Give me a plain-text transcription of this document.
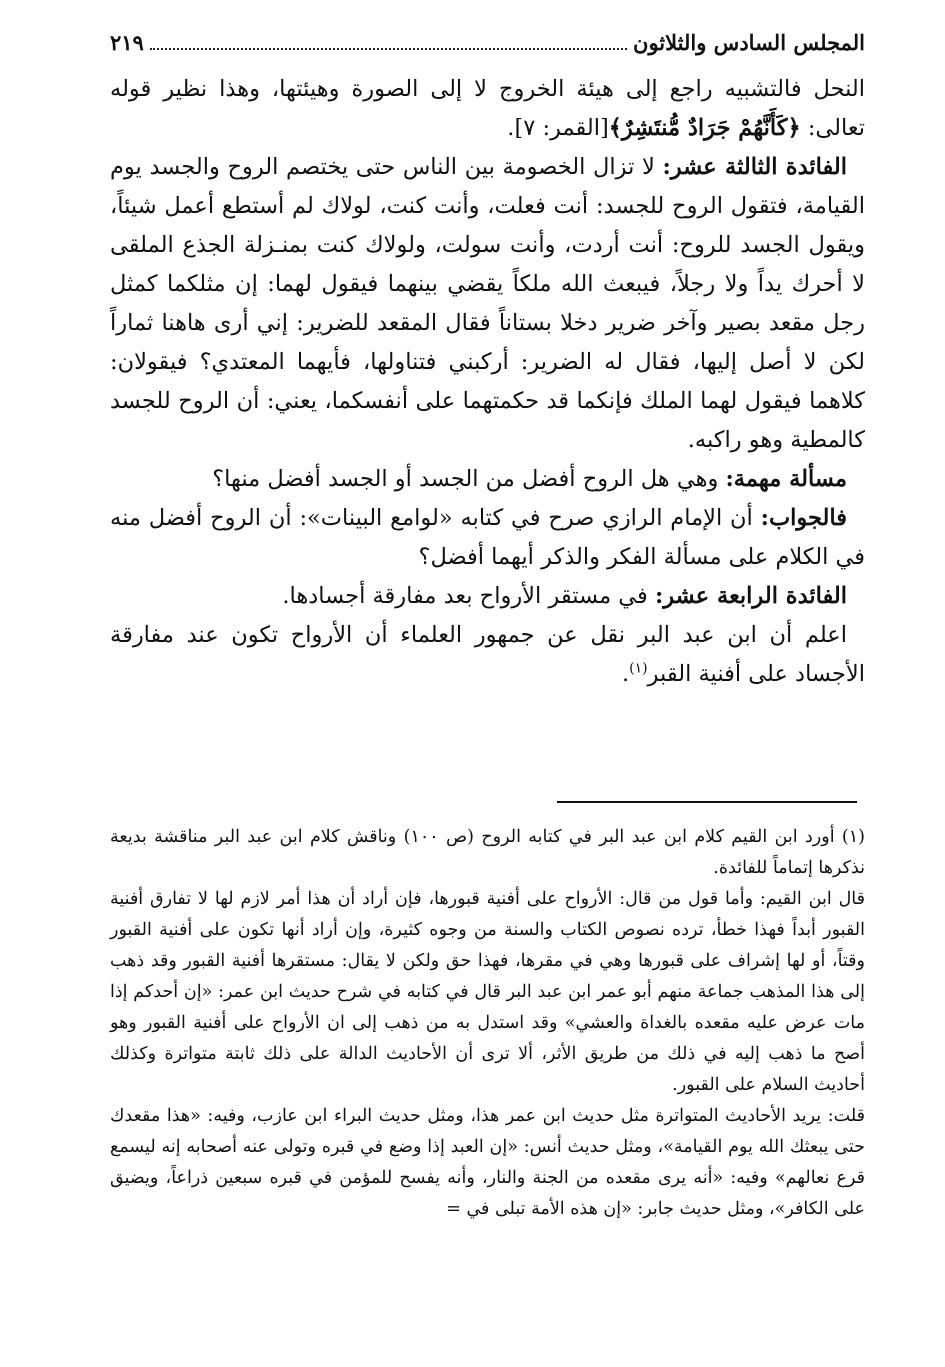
المجلس السادس والثلاثون
٢١٩

النحل فالتشبيه راجع إلى هيئة الخروج لا إلى الصورة وهيئتها، وهذا نظير قوله تعالى: ﴿كَأَنَّهُمْ جَرَادٌ مُّنتَشِرٌ﴾[القمر: ٧].

الفائدة الثالثة عشر: لا تزال الخصومة بين الناس حتى يختصم الروح والجسد يوم القيامة، فتقول الروح للجسد: أنت فعلت، وأنت كنت، لولاك لم أستطع أعمل شيئاً، ويقول الجسد للروح: أنت أردت، وأنت سولت، ولولاك كنت بمنـزلة الجذع الملقى لا أحرك يداً ولا رجلاً، فيبعث الله ملكاً يقضي بينهما فيقول لهما: إن مثلكما كمثل رجل مقعد بصير وآخر ضرير دخلا بستاناً فقال المقعد للضرير: إني أرى هاهنا ثماراً لكن لا أصل إليها، فقال له الضرير: أركبني فتناولها، فأيهما المعتدي؟ فيقولان: كلاهما فيقول لهما الملك فإنكما قد حكمتهما على أنفسكما، يعني: أن الروح للجسد كالمطية وهو راكبه.

مسألة مهمة: وهي هل الروح أفضل من الجسد أو الجسد أفضل منها؟

فالجواب: أن الإمام الرازي صرح في كتابه «لوامع البينات»: أن الروح أفضل منه في الكلام على مسألة الفكر والذكر أيهما أفضل؟

الفائدة الرابعة عشر: في مستقر الأرواح بعد مفارقة أجسادها.

اعلم أن ابن عبد البر نقل عن جمهور العلماء أن الأرواح تكون عند مفارقة الأجساد على أفنية القبر$^{(١)}$.

(١) أورد ابن القيم كلام ابن عبد البر في كتابه الروح (ص ١٠٠) وناقش كلام ابن عبد البر مناقشة بديعة نذكرها إتماماً للفائدة.

قال ابن القيم: وأما قول من قال: الأرواح على أفنية قبورها، فإن أراد أن هذا أمر لازم لها لا تفارق أفنية القبور أبداً فهذا خطأ، ترده نصوص الكتاب والسنة من وجوه كثيرة، وإن أراد أنها تكون على أفنية القبور وقتاً، أو لها إشراف على قبورها وهي في مقرها، فهذا حق ولكن لا يقال: مستقرها أفنية القبور وقد ذهب إلى هذا المذهب جماعة منهم أبو عمر ابن عبد البر قال في كتابه في شرح حديث ابن عمر: «إن أحدكم إذا مات عرض عليه مقعده بالغداة والعشي» وقد استدل به من ذهب إلى ان الأرواح على أفنية القبور وهو أصح ما ذهب إليه في ذلك من طريق الأثر، ألا ترى أن الأحاديث الدالة على ذلك ثابتة متواترة وكذلك أحاديث السلام على القبور.

قلت: يريد الأحاديث المتواترة مثل حديث ابن عمر هذا، ومثل حديث البراء ابن عازب، وفيه: «هذا مقعدك حتى يبعثك الله يوم القيامة»، ومثل حديث أنس: «إن العبد إذا وضع في قبره وتولى عنه أصحابه إنه ليسمع قرع نعالهم» وفيه: «أنه يرى مقعده من الجنة والنار، وأنه يفسح للمؤمن في قبره سبعين ذراعاً، ويضيق على الكافر»، ومثل حديث جابر: «إن هذه الأمة تبلى في =
